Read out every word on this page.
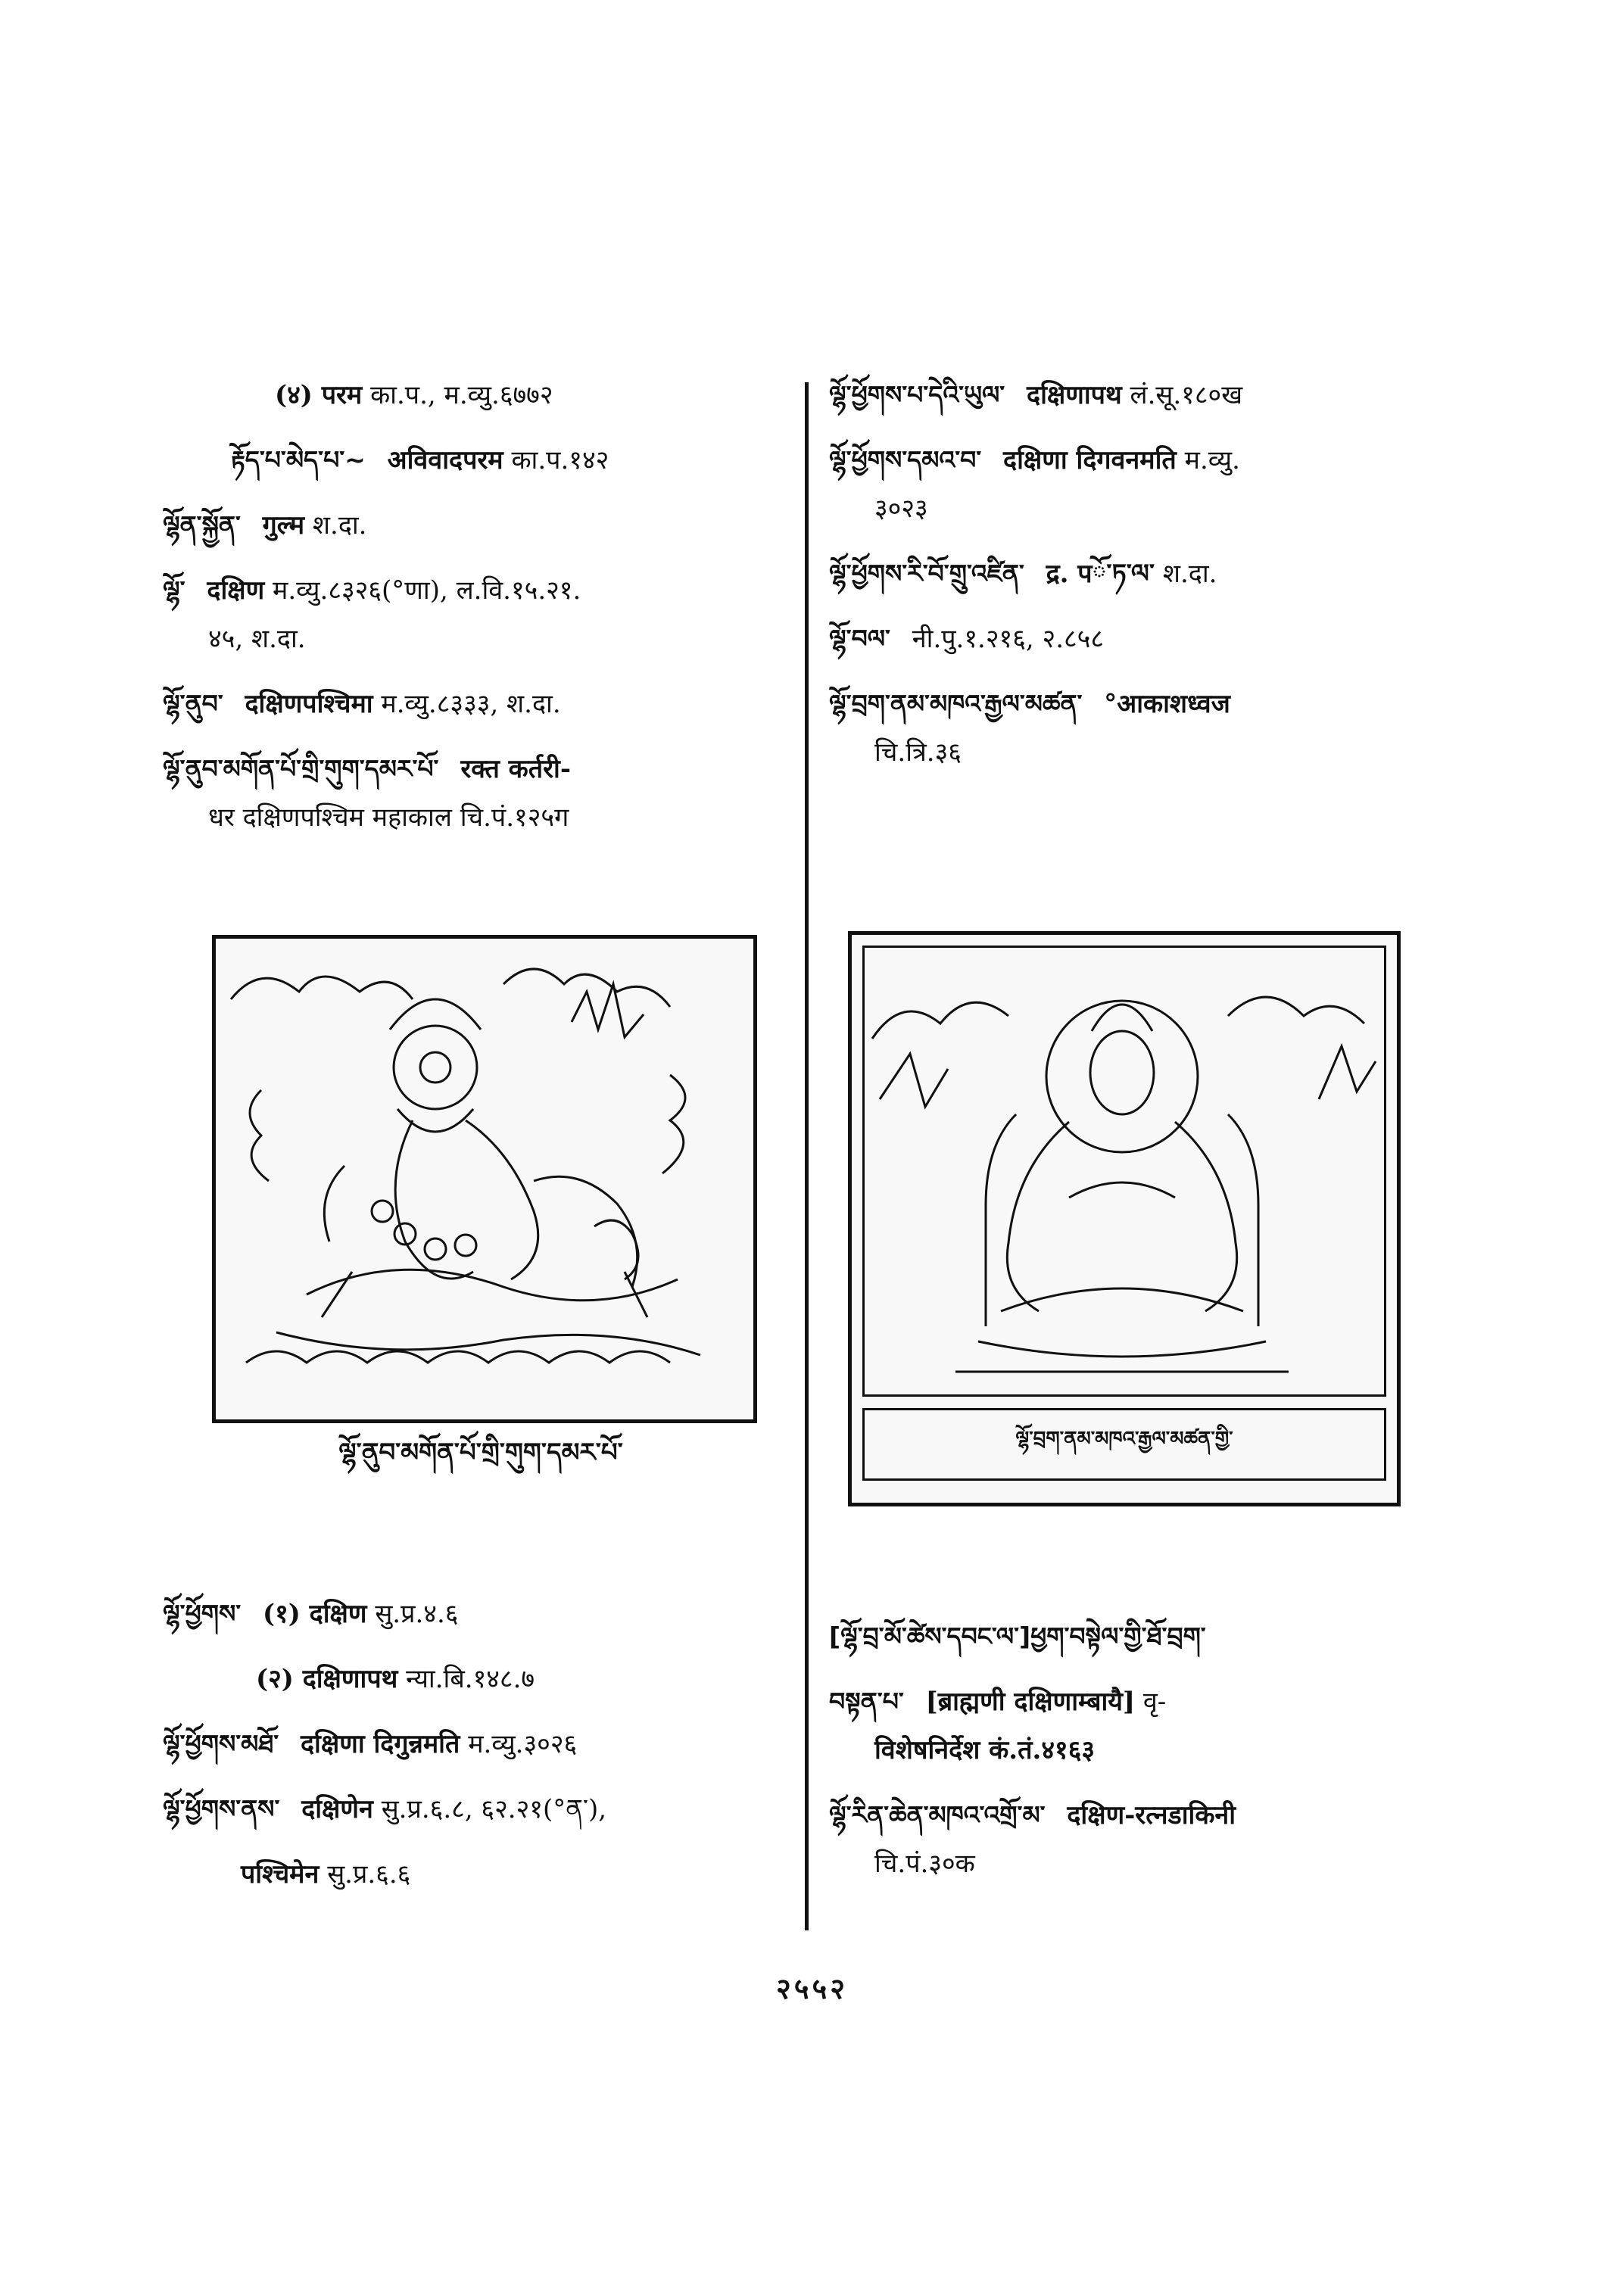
(४) परम का.प., म.व्यु.६७७२
རྟོད་པ་མེད་པ་~ अविवादपरम का.प.१४२
ལྷོན་སྐྱོན་ गुल्म श.दा.
ལྷོ་ दक्षिण म.व्यु.८३२६(°णा), ल.वि.१५.२१.
४५, श.दा.
ལྷོ་ནུབ་ दक्षिणपश्चिमा म.व्यु.८३३३, श.दा.
ལྷོ་ནུབ་མགོན་པོ་གྲི་གུག་དམར་པོ་ रक्त कर्तरी-
धर दक्षिणपश्चिम महाकाल चि.पं.१२५ग
ལྷོ་ཕྱོགས་པ་དེའི་ཡུལ་ दक्षिणापथ लं.सू.१८०ख
ལྷོ་ཕྱོགས་དམའ་བ་ दक्षिणा दिगवनमति म.व्यु.
३०२३
ལྷོ་ཕྱོགས་རི་བོ་གྲུ་འཛིན་ द्र. पོ་ཏ་ལ་ श.दा.
ལྷོ་བལ་ नी.पु.१.२१६, २.८५८
ལྷོ་བྲག་ནམ་མཁའ་རྒྱལ་མཚན་ °आकाशध्वज
चि.त्रि.३६
ལྷོ་ནུབ་མགོན་པོ་གྲི་གུག་དམར་པོ་	ལྷོ་བྲག་ནམ་མཁའ་རྒྱལ་མཚན་གྱི་
ལྷོ་ཕྱོགས་ (१) दक्षिण सु.प्र.४.६
(२) दक्षिणापथ न्या.बि.१४८.७
ལྷོ་ཕྱོགས་མཐོ་ दक्षिणा दिगुन्नमति म.व्यु.३०२६
ལྷོ་ཕྱོགས་ནས་ दक्षिणेन सु.प्र.६.८, ६२.२१(°ན་),
पश्चिमेन सु.प्र.६.६
[ལྷོ་བྲ་མོ་ཚེས་དབང་ལ་]ཕྱག་བསྟེལ་གྱི་ཐོ་བྲག་
བསྟན་པ་ [ब्राह्मणी दक्षिणाम्बायै] वृ-
विशेषनिर्देश कं.तं.४१६३
ལྷོ་རིན་ཆེན་མཁའ་འགྲོ་མ་ दक्षिण-रत्नडाकिनी
चि.पं.३०क
२५५२
